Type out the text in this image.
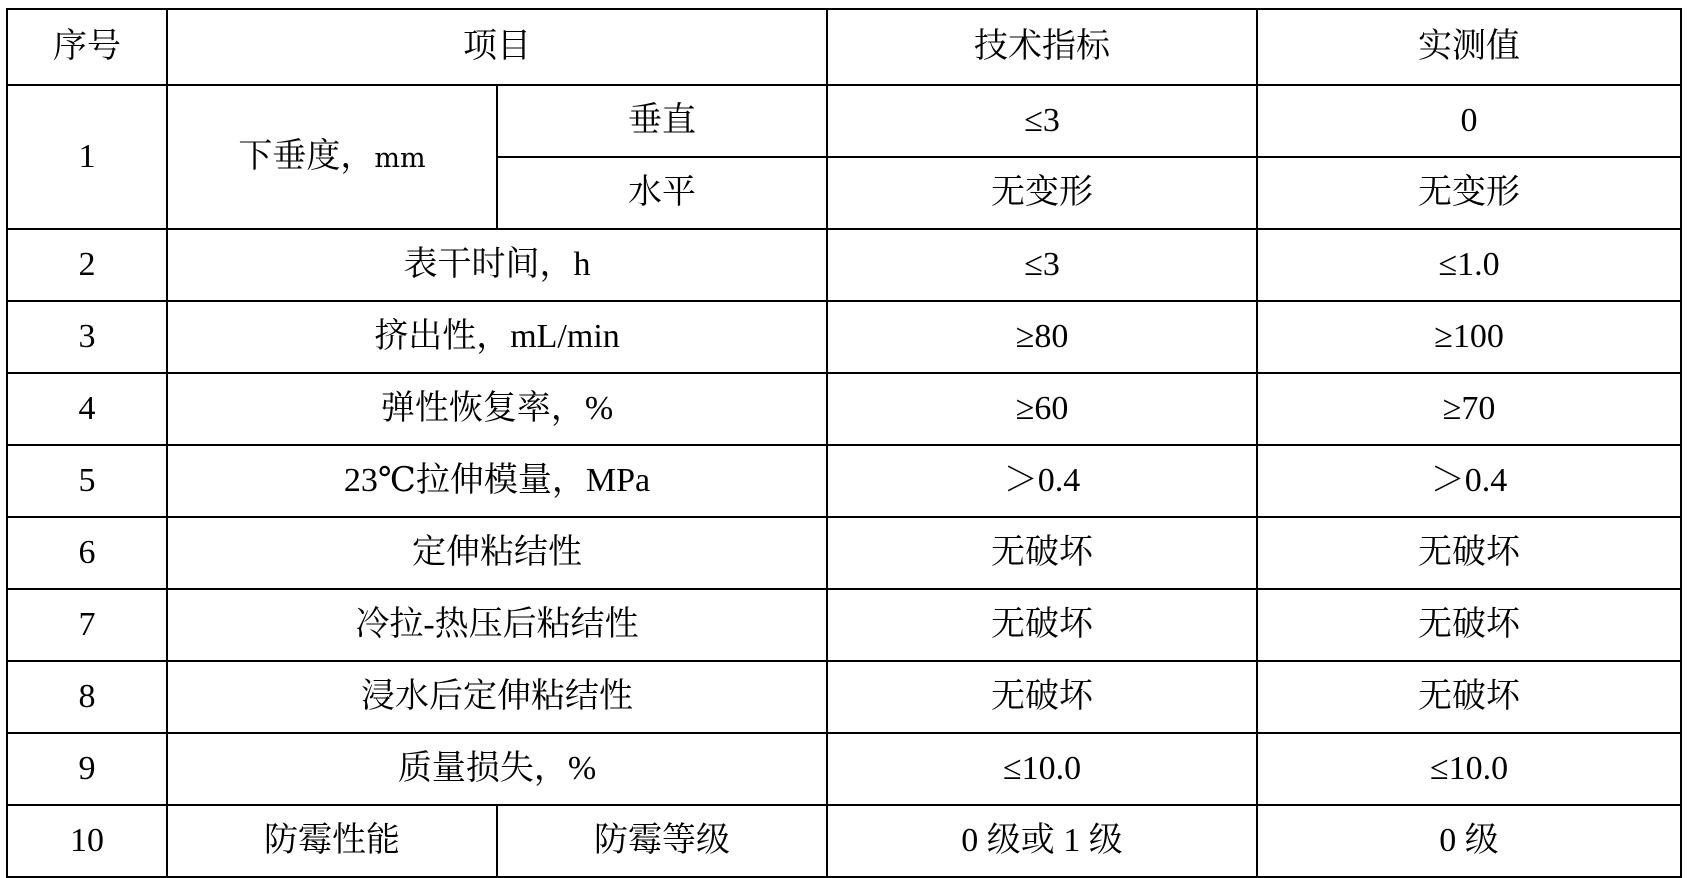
序号	项目		技术指标	实测值
1	下垂度，mm	垂直	≤3	0
		水平	无变形	无变形
2	表干时间，h		≤3	≤1.0
3	挤出性，mL/min		≥80	≥100
4	弹性恢复率，%		≥60	≥70
5	23℃拉伸模量，MPa		＞0.4	＞0.4
6	定伸粘结性		无破坏	无破坏
7	冷拉-热压后粘结性		无破坏	无破坏
8	浸水后定伸粘结性		无破坏	无破坏
9	质量损失，%		≤10.0	≤10.0
10	防霉性能	防霉等级	0 级或 1 级	0 级
